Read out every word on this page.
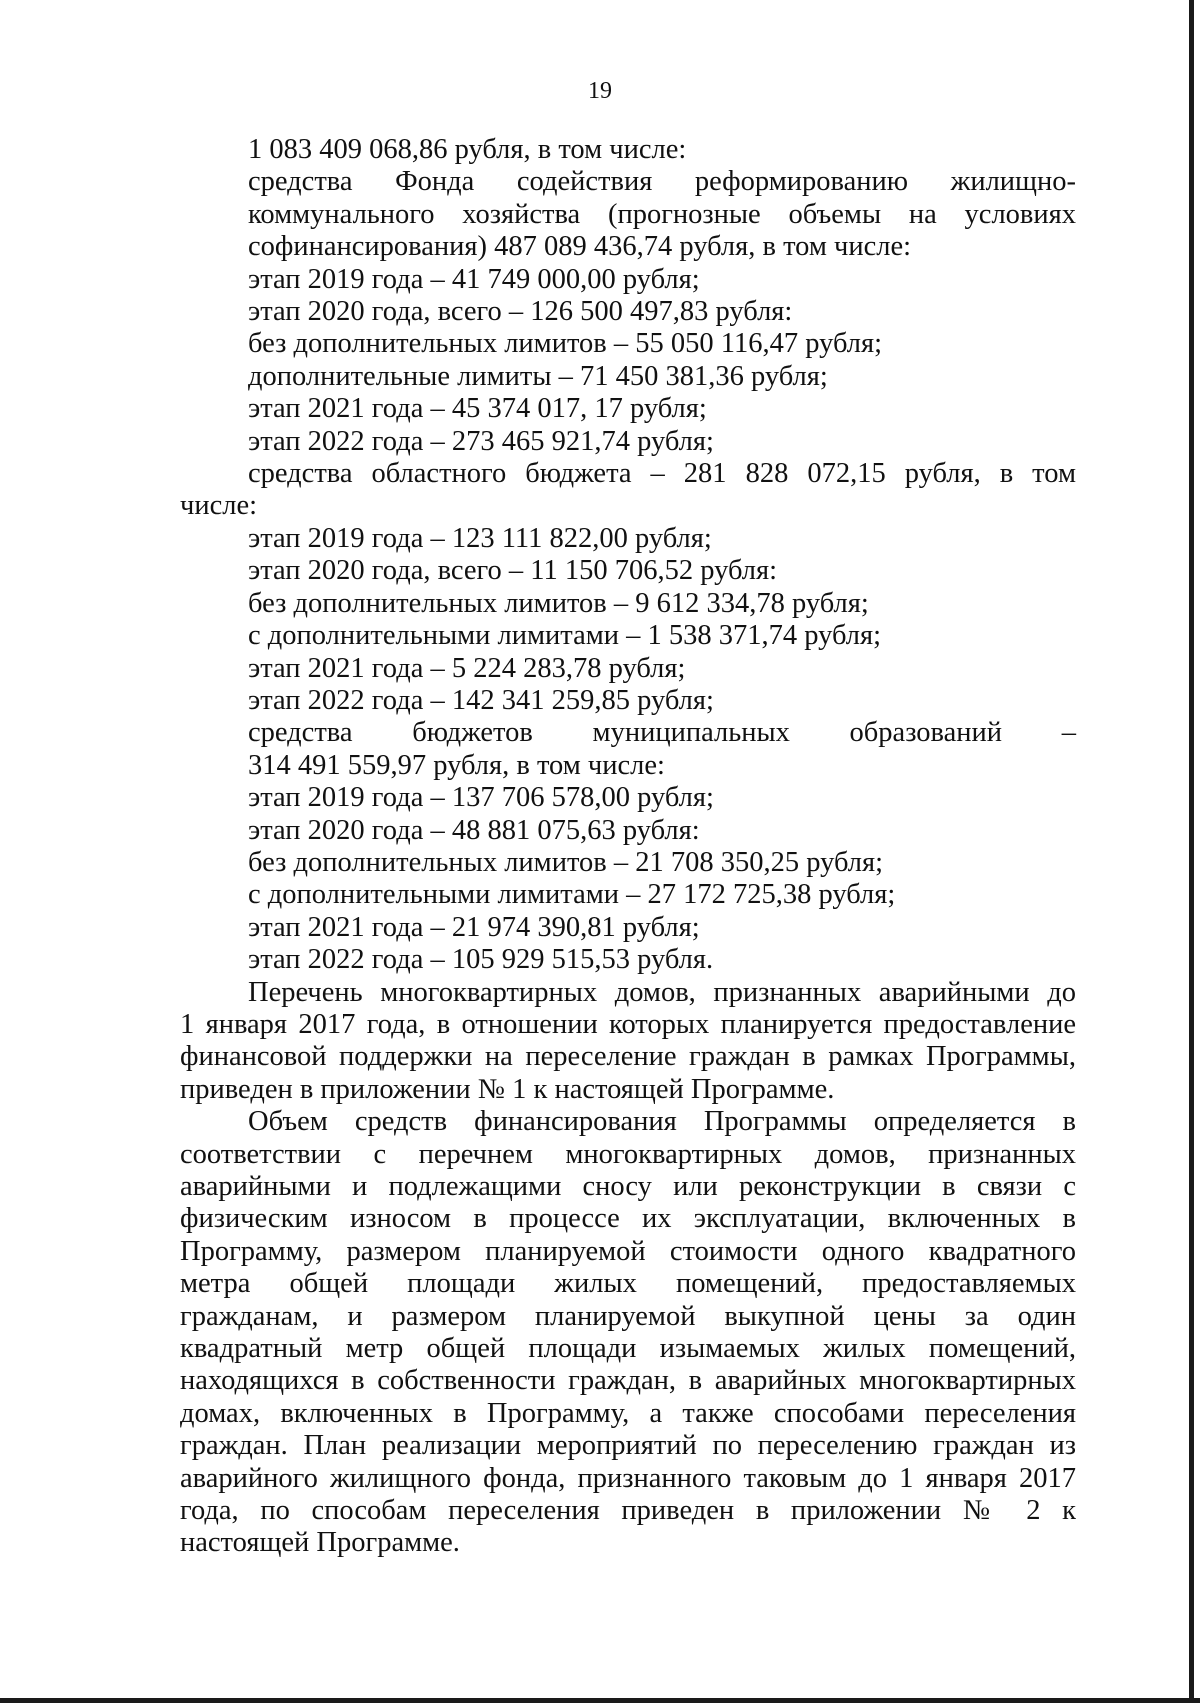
19
1 083 409 068,86 рубля, в том числе:
средства Фонда содействия реформированию жилищно-
коммунального хозяйства (прогнозные объемы на условиях
софинансирования) 487 089 436,74 рубля, в том числе:
этап 2019 года – 41 749 000,00 рубля;
этап 2020 года, всего – 126 500 497,83 рубля:
без дополнительных лимитов – 55 050 116,47 рубля;
дополнительные лимиты – 71 450 381,36 рубля;
этап 2021 года – 45 374 017, 17 рубля;
этап 2022 года – 273 465 921,74 рубля;
средства областного бюджета – 281 828 072,15 рубля, в том
числе:
этап 2019 года – 123 111 822,00 рубля;
этап 2020 года, всего – 11 150 706,52 рубля:
без дополнительных лимитов – 9 612 334,78 рубля;
с дополнительными лимитами – 1 538 371,74 рубля;
этап 2021 года – 5 224 283,78 рубля;
этап 2022 года – 142 341 259,85 рубля;
средства бюджетов муниципальных образований –
314 491 559,97 рубля, в том числе:
этап 2019 года – 137 706 578,00 рубля;
этап 2020 года – 48 881 075,63 рубля:
без дополнительных лимитов – 21 708 350,25 рубля;
с дополнительными лимитами – 27 172 725,38 рубля;
этап 2021 года – 21 974 390,81 рубля;
этап 2022 года – 105 929 515,53 рубля.
Перечень многоквартирных домов, признанных аварийными до
1 января 2017 года, в отношении которых планируется предоставление
финансовой поддержки на переселение граждан в рамках Программы,
приведен в приложении № 1 к настоящей Программе.
Объем средств финансирования Программы определяется в
соответствии с перечнем многоквартирных домов, признанных
аварийными и подлежащими сносу или реконструкции в связи с
физическим износом в процессе их эксплуатации, включенных в
Программу, размером планируемой стоимости одного квадратного
метра общей площади жилых помещений, предоставляемых
гражданам, и размером планируемой выкупной цены за один
квадратный метр общей площади изымаемых жилых помещений,
находящихся в собственности граждан, в аварийных многоквартирных
домах, включенных в Программу, а также способами переселения
граждан. План реализации мероприятий по переселению граждан из
аварийного жилищного фонда, признанного таковым до 1 января 2017
года, по способам переселения приведен в приложении № 2 к
настоящей Программе.
